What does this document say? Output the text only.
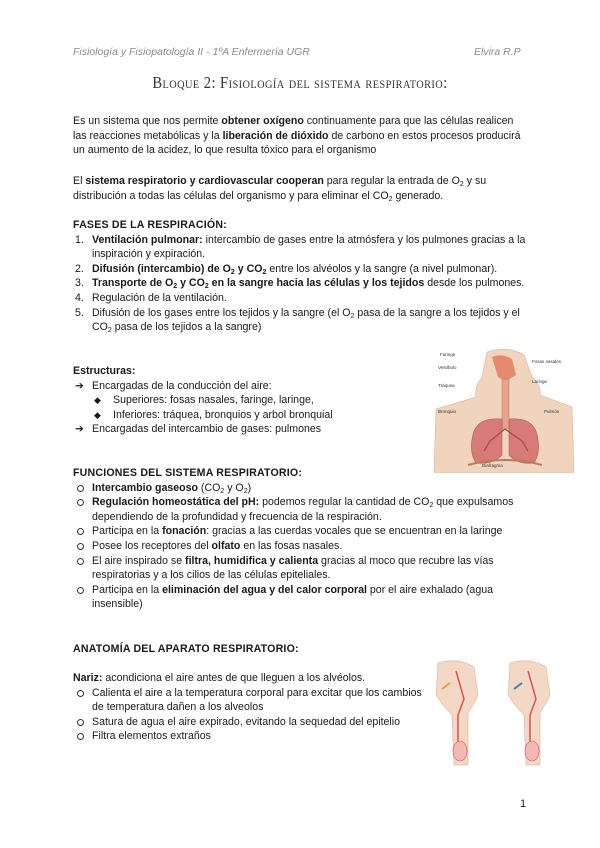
Fisiología y Fisiopatología II - 1ºA Enfermería UGR	Elvira R.P
Bloque 2: Fisiología del sistema respiratorio:

Es un sistema que nos permite obtener oxígeno continuamente para que las células realicen las reacciones metabólicas y la liberación de dióxido de carbono en estos procesos producirá un aumento de la acidez, lo que resulta tóxico para el organismo

El sistema respiratorio y cardiovascular cooperan para regular la entrada de $O_2$ y su distribución a todas las células del organismo y para eliminar el $CO_2$ generado.

FASES DE LA RESPIRACIÓN:
1. Ventilación pulmonar: intercambio de gases entre la atmósfera y los pulmones gracias a la inspiración y expiración.
2. Difusión (intercambio) de $O_2$ y $CO_2$ entre los alvéolos y la sangre (a nivel pulmonar).
3. Transporte de $O_2$ y $CO_2$ en la sangre hacia las células y los tejidos desde los pulmones.
4. Regulación de la ventilación.
5. Difusión de los gases entre los tejidos y la sangre (el $O_2$ pasa de la sangre a los tejidos y el $CO_2$ pasa de los tejidos a la sangre)
Estructuras:
➔ Encargadas de la conducción del aire:
◆ Superiores: fosas nasales, faringe, laringe,
◆ Inferiores: tráquea, bronquios y arbol bronquial
➔ Encargadas del intercambio de gases: pulmones
Faringe
Vestíbulo
Fosas nasales
Laringe
Tráquea
Bronquio	Pulmón
Diafragma
FUNCIONES DEL SISTEMA RESPIRATORIO:
Intercambio gaseoso ($CO_2$ y $O_2$)
Regulación homeostática del pH: podemos regular la cantidad de $CO_2$ que expulsamos dependiendo de la profundidad y frecuencia de la respiración.
Participa en la fonación: gracias a las cuerdas vocales que se encuentran en la laringe
Posee los receptores del olfato en las fosas nasales.
El aire inspirado se filtra, humidifica y calienta gracias al moco que recubre las vías respiratorias y a los cilios de las células epiteliales.
Participa en la eliminación del agua y del calor corporal por el aire exhalado (agua insensible)
ANATOMÍA DEL APARATO RESPIRATORIO:

Nariz: acondiciona el aire antes de que lleguen a los alvéolos.

Calienta el aire a la temperatura corporal para excitar que los cambios de temperatura dañen a los alveolos
Satura de agua el aire expirado, evitando la sequedad del epitelio
Filtra elementos extraños
1
